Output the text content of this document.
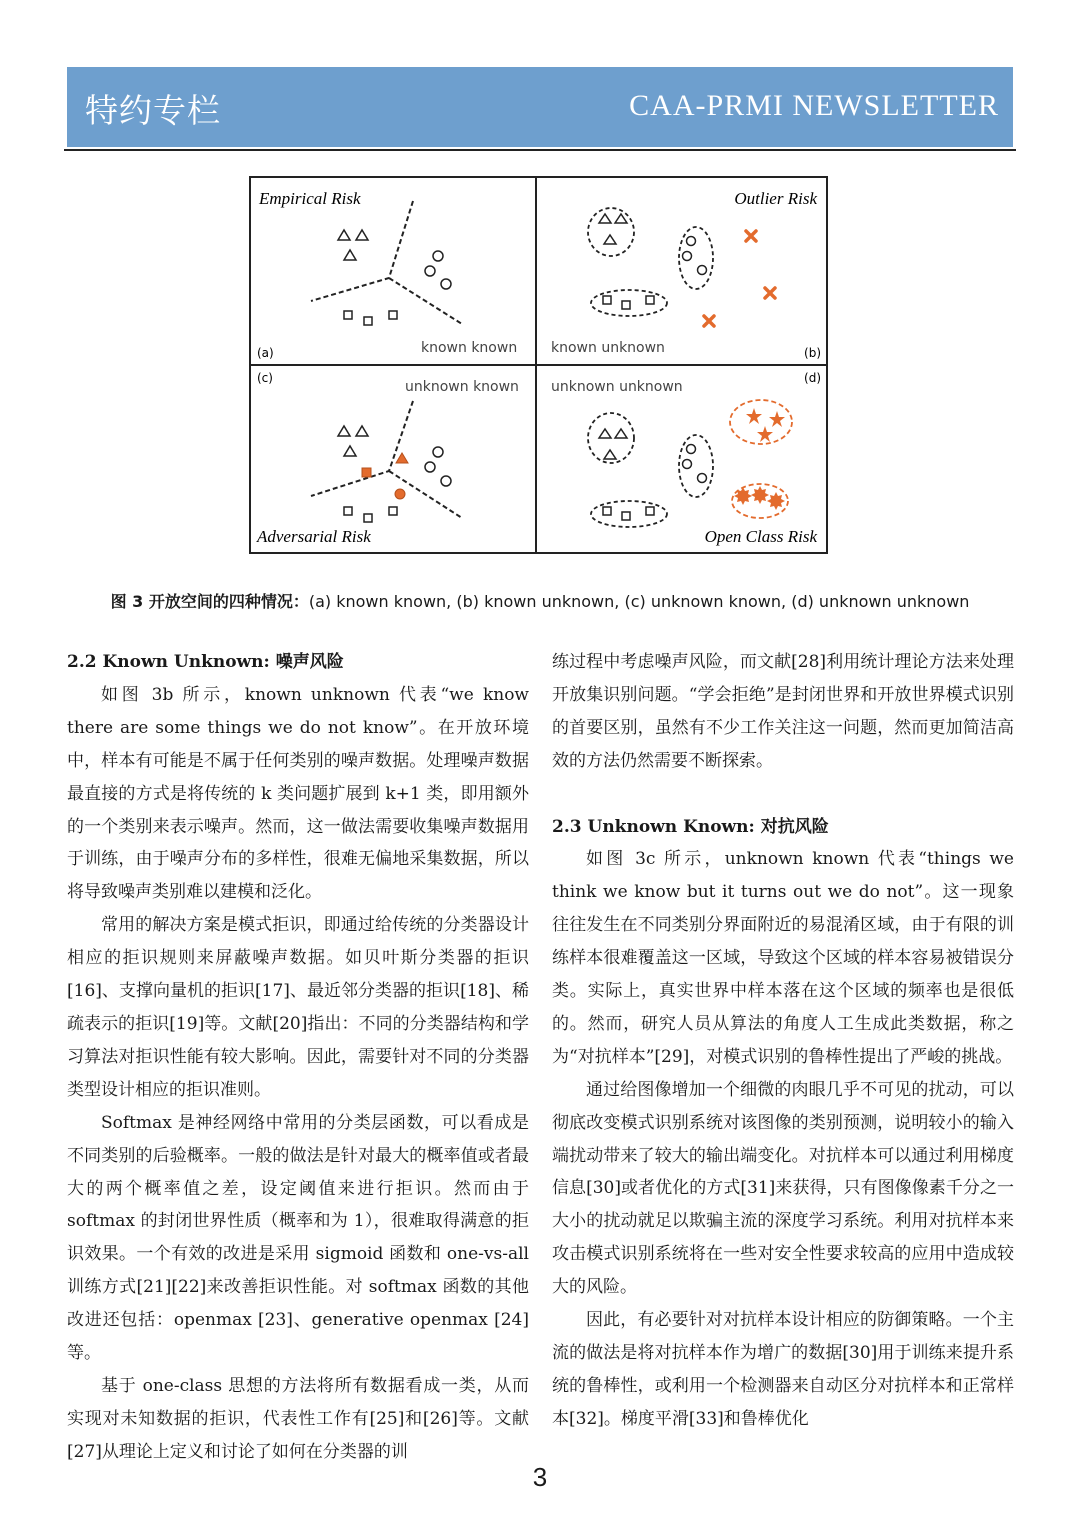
特约专栏	CAA-PRMI NEWSLETTER
Empirical Risk
(a)	known known
Outlier Risk
(b)
known unknown
(c)
unknown known
Adversarial Risk
unknown unknown
(d)
Open Class Risk
图 3 开放空间的四种情况：(a) known known, (b) known unknown, (c) unknown known, (d) unknown unknown
2.2 Known Unknown: 噪声风险

如图 3b 所示，known unknown 代表“we know there are some things we do not know”。在开放环境中，样本有可能是不属于任何类别的噪声数据。处理噪声数据最直接的方式是将传统的 k 类问题扩展到 k+1 类，即用额外的一个类别来表示噪声。然而，这一做法需要收集噪声数据用于训练，由于噪声分布的多样性，很难无偏地采集数据，所以将导致噪声类别难以建模和泛化。

常用的解决方案是模式拒识，即通过给传统的分类器设计相应的拒识规则来屏蔽噪声数据。如贝叶斯分类器的拒识[16]、支撑向量机的拒识[17]、最近邻分类器的拒识[18]、稀疏表示的拒识[19]等。文献[20]指出：不同的分类器结构和学习算法对拒识性能有较大影响。因此，需要针对不同的分类器类型设计相应的拒识准则。

Softmax 是神经网络中常用的分类层函数，可以看成是不同类别的后验概率。一般的做法是针对最大的概率值或者最大的两个概率值之差，设定阈值来进行拒识。然而由于 softmax 的封闭世界性质（概率和为 1），很难取得满意的拒识效果。一个有效的改进是采用 sigmoid 函数和 one-vs-all 训练方式[21][22]来改善拒识性能。对 softmax 函数的其他改进还包括：openmax [23]、generative openmax [24]等。

基于 one-class 思想的方法将所有数据看成一类，从而实现对未知数据的拒识，代表性工作有[25]和[26]等。文献[27]从理论上定义和讨论了如何在分类器的训

练过程中考虑噪声风险，而文献[28]利用统计理论方法来处理开放集识别问题。“学会拒绝”是封闭世界和开放世界模式识别的首要区别，虽然有不少工作关注这一问题，然而更加简洁高效的方法仍然需要不断探索。

2.3 Unknown Known: 对抗风险

如图 3c 所示，unknown known 代表“things we think we know but it turns out we do not”。这一现象往往发生在不同类别分界面附近的易混淆区域，由于有限的训练样本很难覆盖这一区域，导致这个区域的样本容易被错误分类。实际上，真实世界中样本落在这个区域的频率也是很低的。然而，研究人员从算法的角度人工生成此类数据，称之为“对抗样本”[29]，对模式识别的鲁棒性提出了严峻的挑战。

通过给图像增加一个细微的肉眼几乎不可见的扰动，可以彻底改变模式识别系统对该图像的类别预测，说明较小的输入端扰动带来了较大的输出端变化。对抗样本可以通过利用梯度信息[30]或者优化的方式[31]来获得，只有图像像素千分之一大小的扰动就足以欺骗主流的深度学习系统。利用对抗样本来攻击模式识别系统将在一些对安全性要求较高的应用中造成较大的风险。

因此，有必要针对对抗样本设计相应的防御策略。一个主流的做法是将对抗样本作为增广的数据[30]用于训练来提升系统的鲁棒性，或利用一个检测器来自动区分对抗样本和正常样本[32]。梯度平滑[33]和鲁棒优化

3
